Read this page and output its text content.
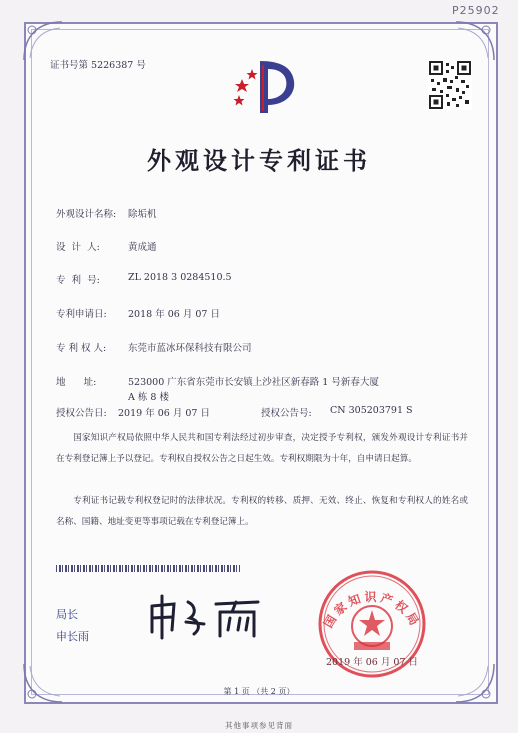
P25902
证书号第 5226387 号
外观设计专利证书
外观设计名称: 除垢机
设  计  人:	黄成通
专  利  号:	ZL 2018 3 0284510.5
专利申请日: 2018 年 06 月 07 日
专 利 权 人: 东莞市蓝冰环保科技有限公司
地      址:	523000 广东省东莞市长安镇上沙社区新春路 1 号新春大厦
A 栋 8 楼
授权公告日: 2019 年 06 月 07 日	授权公告号: CN 305203791 S
国家知识产权局依照中华人民共和国专利法经过初步审查，决定授予专利权，颁发外观设计专利证书并在专利登记簿上予以登记。专利权自授权公告之日起生效。专利权期限为十年，自申请日起算。
专利证书记载专利权登记时的法律状况。专利权的转移、质押、无效、终止、恢复和专利权人的姓名或名称、国籍、地址变更等事项记载在专利登记簿上。
局长
申长雨
国家知识产权局
2019 年 06 月 07 日
第 1 页 （共 2 页）
其他事项参见背面
